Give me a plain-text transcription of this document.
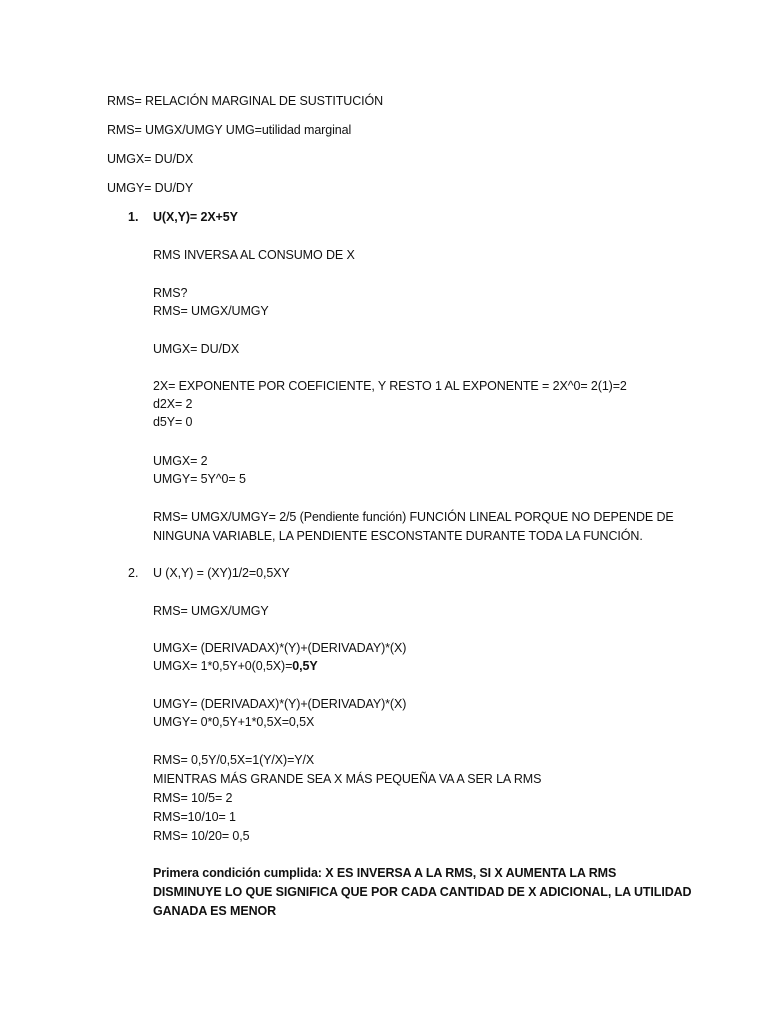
RMS= RELACIÓN MARGINAL DE SUSTITUCIÓN
RMS= UMGX/UMGY UMG=utilidad marginal
UMGX= DU/DX
UMGY= DU/DY
1. U(X,Y)= 2X+5Y
RMS INVERSA AL CONSUMO DE X
RMS?
RMS= UMGX/UMGY
UMGX= DU/DX
2X= EXPONENTE POR COEFICIENTE, Y RESTO 1 AL EXPONENTE = 2X^0= 2(1)=2
d2X= 2
d5Y= 0
UMGX= 2
UMGY= 5Y^0= 5
RMS= UMGX/UMGY= 2/5 (Pendiente función) FUNCIÓN LINEAL PORQUE NO DEPENDE DE
NINGUNA VARIABLE, LA PENDIENTE ESCONSTANTE DURANTE TODA LA FUNCIÓN.
2. U (X,Y) = (XY)1/2=0,5XY
RMS= UMGX/UMGY
UMGX= (DERIVADAX)*(Y)+(DERIVADAY)*(X)
UMGX= 1*0,5Y+0(0,5X)=0,5Y
UMGY= (DERIVADAX)*(Y)+(DERIVADAY)*(X)
UMGY= 0*0,5Y+1*0,5X=0,5X
RMS= 0,5Y/0,5X=1(Y/X)=Y/X
MIENTRAS MÁS GRANDE SEA X MÁS PEQUEÑA VA A SER LA RMS
RMS= 10/5= 2
RMS=10/10= 1
RMS= 10/20= 0,5
Primera condición cumplida: X ES INVERSA A LA RMS, SI X AUMENTA LA RMS
DISMINUYE LO QUE SIGNIFICA QUE POR CADA CANTIDAD DE X ADICIONAL, LA UTILIDAD
GANADA ES MENOR
